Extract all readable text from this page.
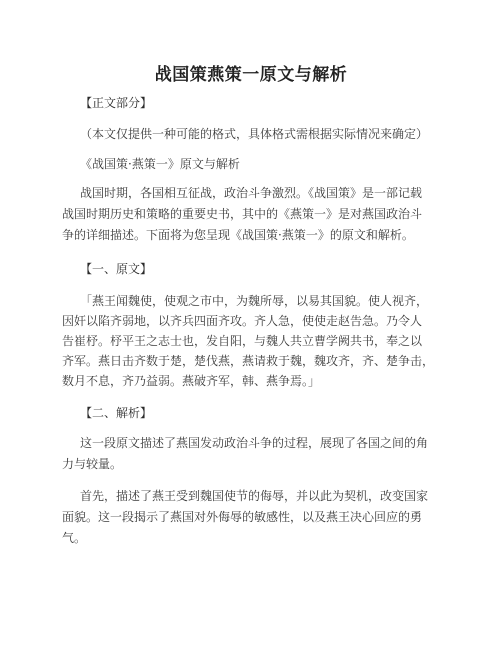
战国策燕策一原文与解析
【正文部分】
（本文仅提供一种可能的格式，具体格式需根据实际情况来确定）
《战国策·燕策一》原文与解析
战国时期，各国相互征战，政治斗争激烈。《战国策》是一部记载
战国时期历史和策略的重要史书，其中的《燕策一》是对燕国政治斗
争的详细描述。下面将为您呈现《战国策·燕策一》的原文和解析。
【一、原文】
「燕王闻魏使，使观之市中，为魏所辱，以易其国貌。使人视齐，
因奸以陷齐弱地，以齐兵四面齐攻。齐人急，使使走赵告急。乃令人
告崔杼。杼平王之志士也，发自阳，与魏人共立曹学阙共书，奉之以
齐军。燕日击齐数于楚，楚伐燕，燕请救于魏，魏攻齐，齐、楚争击，
数月不息，齐乃益弱。燕破齐军，韩、燕争焉。」
【二、解析】
这一段原文描述了燕国发动政治斗争的过程，展现了各国之间的角
力与较量。
首先，描述了燕王受到魏国使节的侮辱，并以此为契机，改变国家
面貌。这一段揭示了燕国对外侮辱的敏感性，以及燕王决心回应的勇
气。
